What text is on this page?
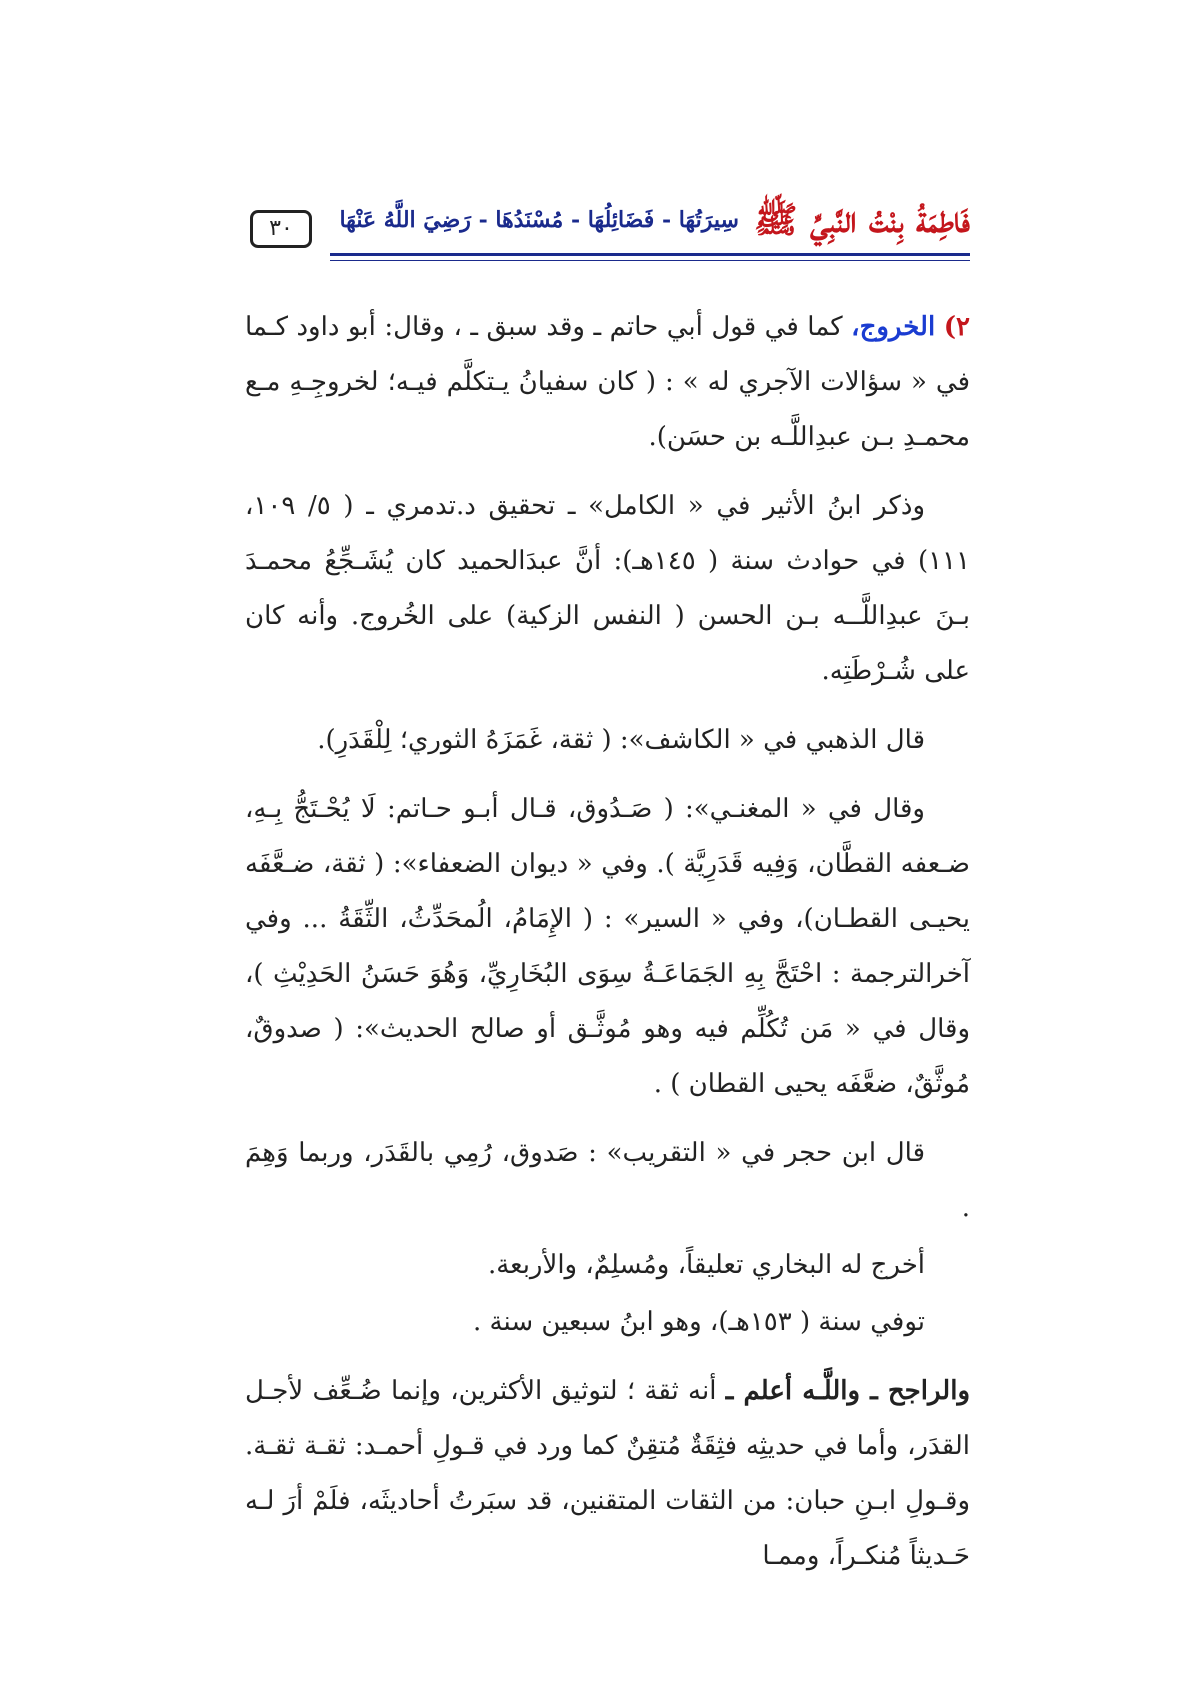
فَاطِمَةُ بِنْتُ النَّبِيِّ ﷺ سِيرَتُهَا - فَضَائِلُهَا - مُسْنَدُهَا - رَضِيَ اللَّهُ عَنْهَا
٣٠

٢) الخروج، كما في قول أبي حاتم ـ وقد سبق ـ ، وقال: أبو داود كـما في « سؤالات الآجري له » : ( كان سفيانُ يـتكلَّم فيـه؛ لخروجِـهِ مـع محمـدِ بـن عبدِاللَّـه بن حسَن).

وذكر ابنُ الأثير في « الكامل» ـ تحقيق د.تدمري ـ ( ٥/ ١٠٩، ١١١) في حوادث سنة ( ١٤٥هـ): أنَّ عبدَالحميد كان يُشَـجِّعُ محمـدَ بـنَ عبدِاللَّــه بـن الحسن ( النفس الزكية) على الخُروج. وأنه كان على شُـرْطَتِه.

قال الذهبي في « الكاشف»: ( ثقة، غَمَزَهُ الثوري؛ لِلْقَدَرِ).

وقال في « المغنـي»: ( صَـدُوق، قـال أبـو حـاتم: لَا يُحْـتَجُّ بِـهِ، ضـعفه القطَّان، وَفِيه قَدَرِيَّة ). وفي « ديوان الضعفاء»: ( ثقة، ضـعَّفَه يحيـى القطـان)، وفي « السير» : ( الإِمَامُ، الُمحَدِّثُ، الثِّقَةُ ... وفي آخرالترجمة : احْتَجَّ بِهِ الجَمَاعَـةُ سِوَى البُخَارِيِّ، وَهُوَ حَسَنُ الحَدِيْثِ )، وقال في « مَن تُكُلِّم فيه وهو مُوثَّـق أو صالح الحديث»: ( صدوقٌ، مُوثَّقٌ، ضعَّفَه يحيى القطان ) .

قال ابن حجر في « التقريب» : صَدوق، رُمِي بالقَدَر، وربما وَهِمَ .

أخرج له البخاري تعليقاً، ومُسلِمٌ، والأربعة.

توفي سنة ( ١٥٣هـ)، وهو ابنُ سبعين سنة .

والراجح ـ واللَّـه أعلم ـ أنه ثقة ؛ لتوثيق الأكثرين، وإنما ضُـعِّف لأجـل القدَر، وأما في حديثِه فثِقَةٌ مُتقِنٌ كما ورد في قـولِ أحمـد: ثقـة ثقـة. وقـولِ ابـنِ حبان: من الثقات المتقنين، قد سبَرتُ أحاديثَه، فلَمْ أرَ لـه حَـديثاً مُنكـراً، وممـا
